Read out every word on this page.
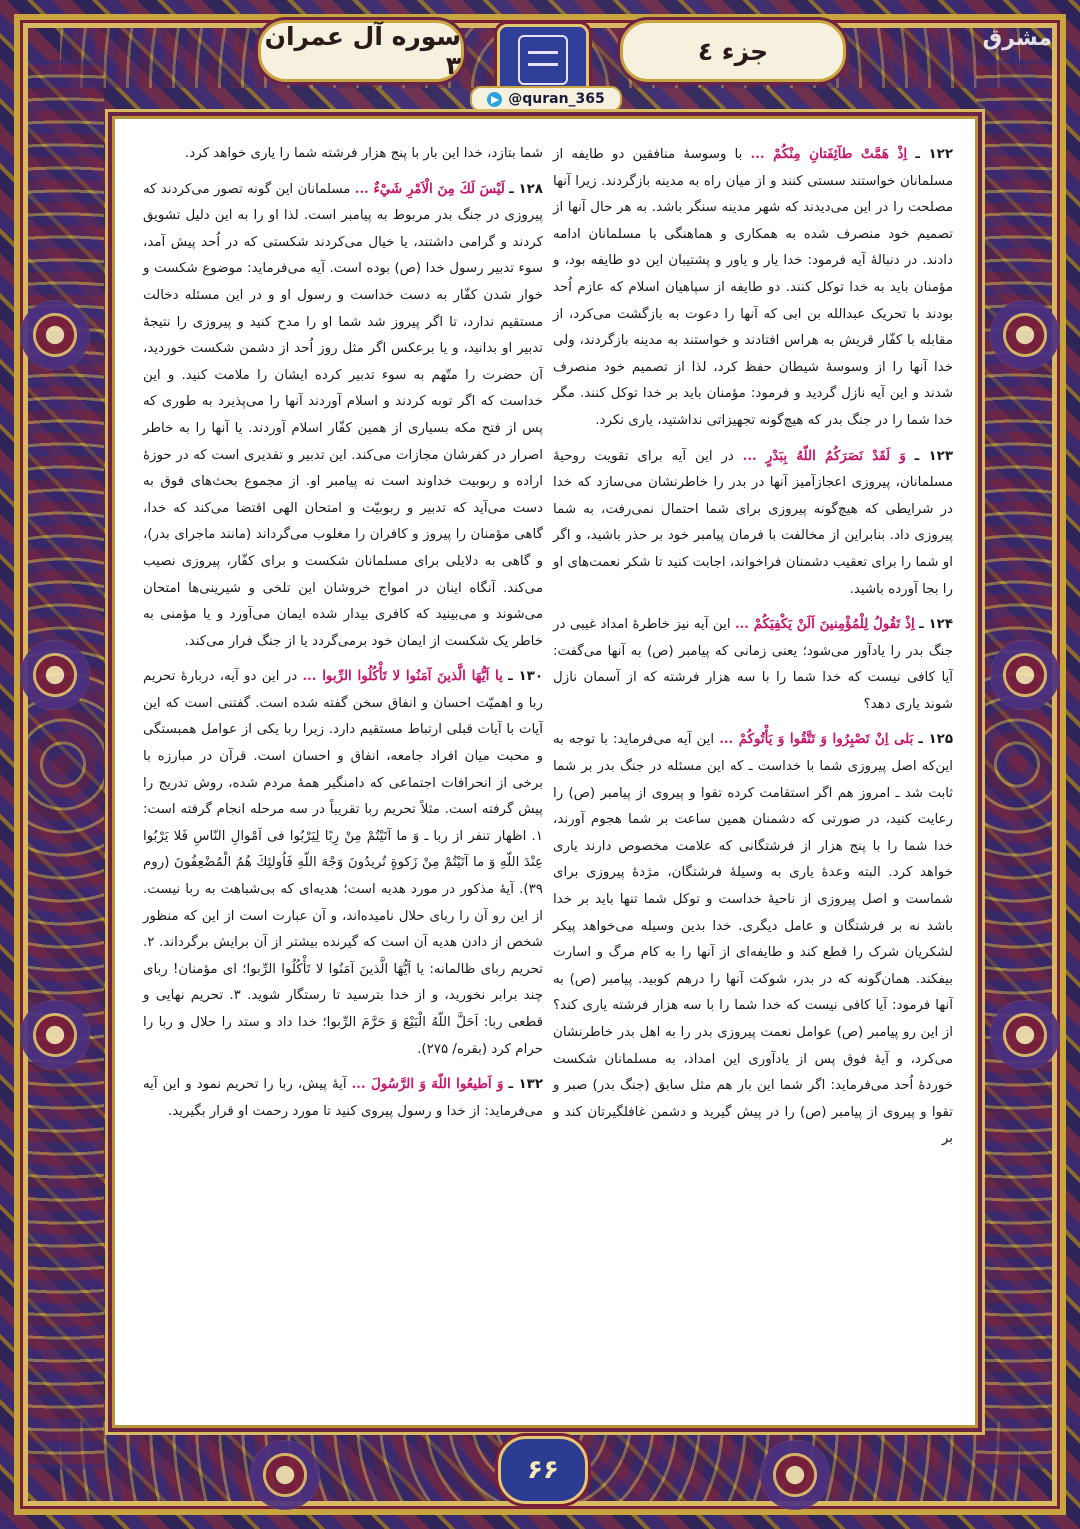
مشرق
سوره آل عمران ۳	جزء ٤
@quran_365

۱۲۲ ـ اِذْ هَمَّتْ طآئِفَتانِ مِنْكُمْ ... با وسوسهٔ منافقین دو طایفه از مسلمانان خواستند سستی کنند و از میان راه به مدینه بازگردند. زیرا آنها مصلحت را در این می‌دیدند که شهر مدینه سنگر باشد. به هر حال آنها از تصمیم خود منصرف شده به همکاری و هماهنگی با مسلمانان ادامه دادند. در دنبالهٔ آیه فرمود: خدا یار و یاور و پشتیبان این دو طایفه بود، و مؤمنان باید به خدا توکل کنند. دو طایفه از سپاهیان اسلام که عازم اُحد بودند با تحریک عبدالله بن ابی که آنها را دعوت به بازگشت می‌کرد، از مقابله با کفّار قریش به هراس افتادند و خواستند به مدینه بازگردند، ولی خدا آنها را از وسوسهٔ شیطان حفظ کرد، لذا از تصمیم خود منصرف شدند و این آیه نازل گردید و فرمود: مؤمنان باید بر خدا توکل کنند. مگر خدا شما را در جنگ بدر که هیچ‌گونه تجهیزاتی نداشتید، یاری نکرد.

۱۲۳ ـ وَ لَقَدْ نَصَرَكُمُ اللّهُ بِبَدْرٍ ... در این آیه برای تقویت روحیهٔ مسلمانان، پیروزی اعجازآمیز آنها در بدر را خاطرنشان می‌سازد که خدا در شرایطی که هیچ‌گونه پیروزی برای شما احتمال نمی‌رفت، به شما پیروزی داد. بنابراین از مخالفت با فرمان پیامبر خود بر حذر باشید، و اگر او شما را برای تعقیب دشمنان فراخواند، اجابت کنید تا شکر نعمت‌های او را بجا آورده باشید.

۱۲۴ ـ اِذْ تَقُولُ لِلْمُؤْمِنينَ اَلَنْ يَكْفِيَكُمْ ... این آیه نیز خاطرهٔ امداد غیبی در جنگ بدر را یادآور می‌شود؛ یعنی زمانی که پیامبر (ص) به آنها می‌گفت: آیا کافی نیست که خدا شما را با سه هزار فرشته که از آسمان نازل شوند یاری دهد؟

۱۲۵ ـ بَلى اِنْ تَصْبِرُوا وَ تَتَّقُوا وَ يَأْتُوكُمْ ... این آیه می‌فرماید: با توجه به این‌که اصل پیروزی شما با خداست ـ که این مسئله در جنگ بدر بر شما ثابت شد ـ امروز هم اگر استقامت کرده تقوا و پیروی از پیامبر (ص) را رعایت کنید، در صورتی که دشمنان همین ساعت بر شما هجوم آورند، خدا شما را با پنج هزار از فرشتگانی که علامت مخصوص دارند یاری خواهد کرد. البته وعدهٔ یاری به وسیلهٔ فرشتگان، مژدهٔ پیروزی برای شماست و اصل پیروزی از ناحیهٔ خداست و توکل شما تنها باید بر خدا باشد نه بر فرشتگان و عامل دیگری. خدا بدین وسیله می‌خواهد پیکر لشکریان شرک را قطع کند و طایفه‌ای از آنها را به کام مرگ و اسارت بیفکند. همان‌گونه که در بدر، شوکت آنها را درهم کوبید. پیامبر (ص) به آنها فرمود: آیا کافی نیست که خدا شما را با سه هزار فرشته یاری کند؟ از این رو پیامبر (ص) عوامل نعمت پیروزی بدر را به اهل بدر خاطرنشان می‌کرد، و آیهٔ فوق پس از یادآوری این امداد، به مسلمانان شکست خوردهٔ اُحد می‌فرماید: اگر شما این بار هم مثل سابق (جنگ بدر) صبر و تقوا و پیروی از پیامبر (ص) را در پیش گیرید و دشمن غافلگیرتان کند و بر

شما بتازد، خدا این بار با پنج هزار فرشته شما را یاری خواهد کرد.

۱۲۸ ـ لَيْسَ لَكَ مِنَ الْاَمْرِ شَيْءٌ ... مسلمانان این گونه تصور می‌کردند که پیروزی در جنگ بدر مربوط به پیامبر است. لذا او را به این دلیل تشویق کردند و گرامی داشتند، یا خیال می‌کردند شکستی که در اُحد پیش آمد، سوء تدبیر رسول خدا (ص) بوده است. آیه می‌فرماید: موضوع شکست و خوار شدن کفّار به دست خداست و رسول او و در این مسئله دخالت مستقیم ندارد، تا اگر پیروز شد شما او را مدح کنید و پیروزی را نتیجهٔ تدبیر او بدانید، و یا برعکس اگر مثل روز اُحد از دشمن شکست خوردید، آن حضرت را متّهم به سوء تدبیر کرده ایشان را ملامت کنید. و این خداست که اگر توبه کردند و اسلام آوردند آنها را می‌پذیرد به طوری که پس از فتح مکه بسیاری از همین کفّار اسلام آوردند. یا آنها را به خاطر اصرار در کفرشان مجازات می‌کند. این تدبیر و تقدیری است که در حوزهٔ اراده و ربوبیت خداوند است نه پیامبر او. از مجموع بحث‌های فوق به دست می‌آید که تدبیر و ربوبیّت و امتحان الهی اقتضا می‌کند که خدا، گاهی مؤمنان را پیروز و کافران را مغلوب می‌گرداند (مانند ماجرای بدر)، و گاهی به دلایلی برای مسلمانان شکست و برای کفّار، پیروزی نصیب می‌کند. آنگاه اینان در امواج خروشان این تلخی و شیرینی‌ها امتحان می‌شوند و می‌بینید که کافری بیدار شده ایمان می‌آورد و یا مؤمنی به خاطر یک شکست از ایمان خود برمی‌گردد یا از جنگ فرار می‌کند.

۱۳۰ ـ يا اَيُّهَا الَّذينَ آمَنُوا لا تَأْكُلُوا الرِّبوا ... در این دو آیه، دربارهٔ تحریم ربا و اهمیّت احسان و انفاق سخن گفته شده است. گفتنی است که این آیات با آیات قبلی ارتباط مستقیم دارد. زیرا ربا یکی از عوامل همبستگی و محبت میان افراد جامعه، انفاق و احسان است. قرآن در مبارزه با برخی از انحرافات اجتماعی که دامنگیر همهٔ مردم شده، روش تدریج را پیش گرفته است. مثلاً تحریم ربا تقریباً در سه مرحله انجام گرفته است: ۱. اظهار تنفر از ربا ـ وَ ما آتَيْتُمْ مِنْ رِبًا لِيَرْبُوا فى اَمْوالِ النّاسِ فَلا يَرْبُوا عِنْدَ اللّهِ وَ ما آتَيْتُمْ مِنْ زَكوةٍ تُريدُونَ وَجْهَ اللّهِ فَاُولئِكَ هُمُ الْمُضْعِفُونَ (روم ۳۹). آیهٔ مذکور در مورد هدیه است؛ هدیه‌ای که بی‌شباهت به ربا نیست. از این رو آن را ربای حلال نامیده‌اند، و آن عبارت است از این که منظور شخص از دادن هدیه آن است که گیرنده بیشتر از آن برایش برگرداند. ۲. تحریم ربای ظالمانه: يا اَيُّهَا الَّذينَ آمَنُوا لا تَأْكُلُوا الرِّبوا؛ ای مؤمنان! ربای چند برابر نخورید، و از خدا بترسید تا رستگار شوید. ۳. تحریم نهایی و قطعی ربا: اَحَلَّ اللّهُ الْبَيْعَ وَ حَرَّمَ الرِّبوا؛ خدا داد و ستد را حلال و ربا را حرام کرد (بقره/ ۲۷۵).

۱۳۲ ـ وَ اَطيعُوا اللّهَ وَ الرَّسُولَ ... آیهٔ پیش، ربا را تحریم نمود و این آیه می‌فرماید: از خدا و رسول پیروی کنید تا مورد رحمت او قرار بگیرید.

۶۶
